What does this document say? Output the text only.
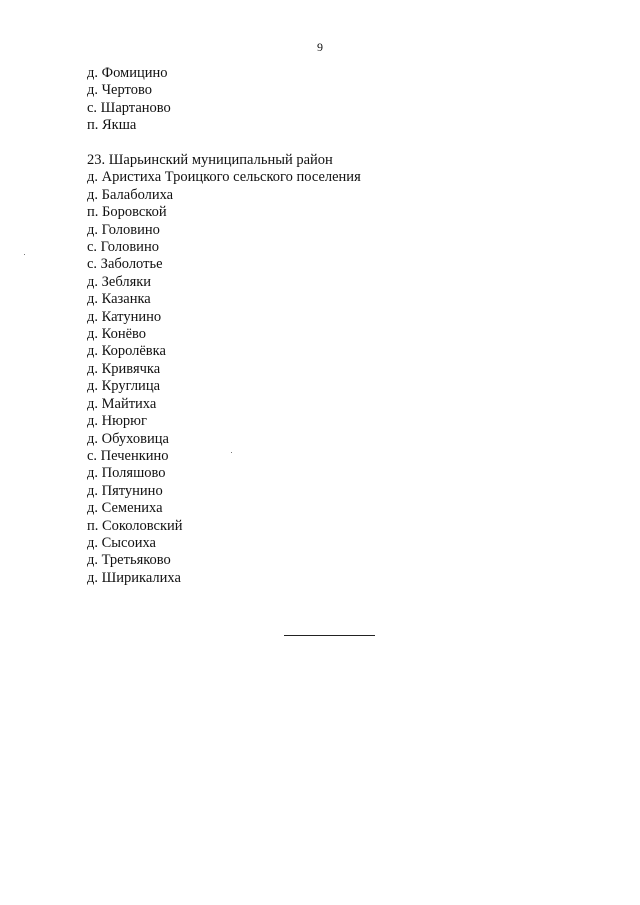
9
д. Фомицино
д. Чертово
с. Шартаново
п. Якша
23. Шарьинский муниципальный район
д. Аристиха Троицкого сельского поселения
д. Балаболиха
п. Боровской
д. Головино
с. Головино
с. Заболотье
д. Зебляки
д. Казанка
д. Катунино
д. Конёво
д. Королёвка
д. Кривячка
д. Круглица
д. Майтиха
д. Нюрюг
д. Обуховица
с. Печенкино
д. Поляшово
д. Пятунино
д. Семениха
п. Соколовский
д. Сысоиха
д. Третьяково
д. Ширикалиха
